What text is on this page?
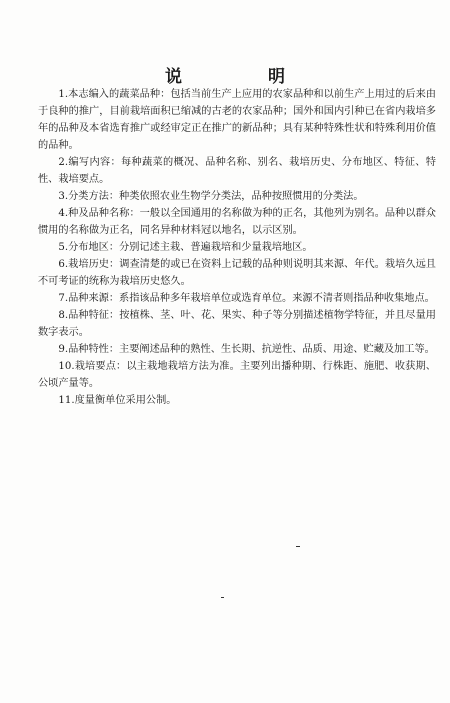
说 明

1.本志编入的蔬菜品种：包括当前生产上应用的农家品种和以前生产上用过的后来由于良种的推广，目前栽培面积已缩减的古老的农家品种；国外和国内引种已在省内栽培多年的品种及本省选育推广或经审定正在推广的新品种；具有某种特殊性状和特殊利用价值的品种。

2.编写内容：每种蔬菜的概况、品种名称、别名、栽培历史、分布地区、特征、特性、栽培要点。

3.分类方法：种类依照农业生物学分类法，品种按照惯用的分类法。

4.种及品种名称：一般以全国通用的名称做为种的正名，其他列为别名。品种以群众惯用的名称做为正名，同名异种材料冠以地名，以示区别。

5.分布地区：分别记述主栽、普遍栽培和少量栽培地区。

6.栽培历史：调查清楚的或已在资料上记载的品种则说明其来源、年代。栽培久远且不可考证的统称为栽培历史悠久。

7.品种来源：系指该品种多年栽培单位或选育单位。来源不清者则指品种收集地点。

8.品种特征：按植株、茎、叶、花、果实、种子等分别描述植物学特征，并且尽量用数字表示。

9.品种特性：主要阐述品种的熟性、生长期、抗逆性、品质、用途、贮藏及加工等。

10.栽培要点：以主栽地栽培方法为准。主要列出播种期、行株距、施肥、收获期、公顷产量等。

11.度量衡单位采用公制。
